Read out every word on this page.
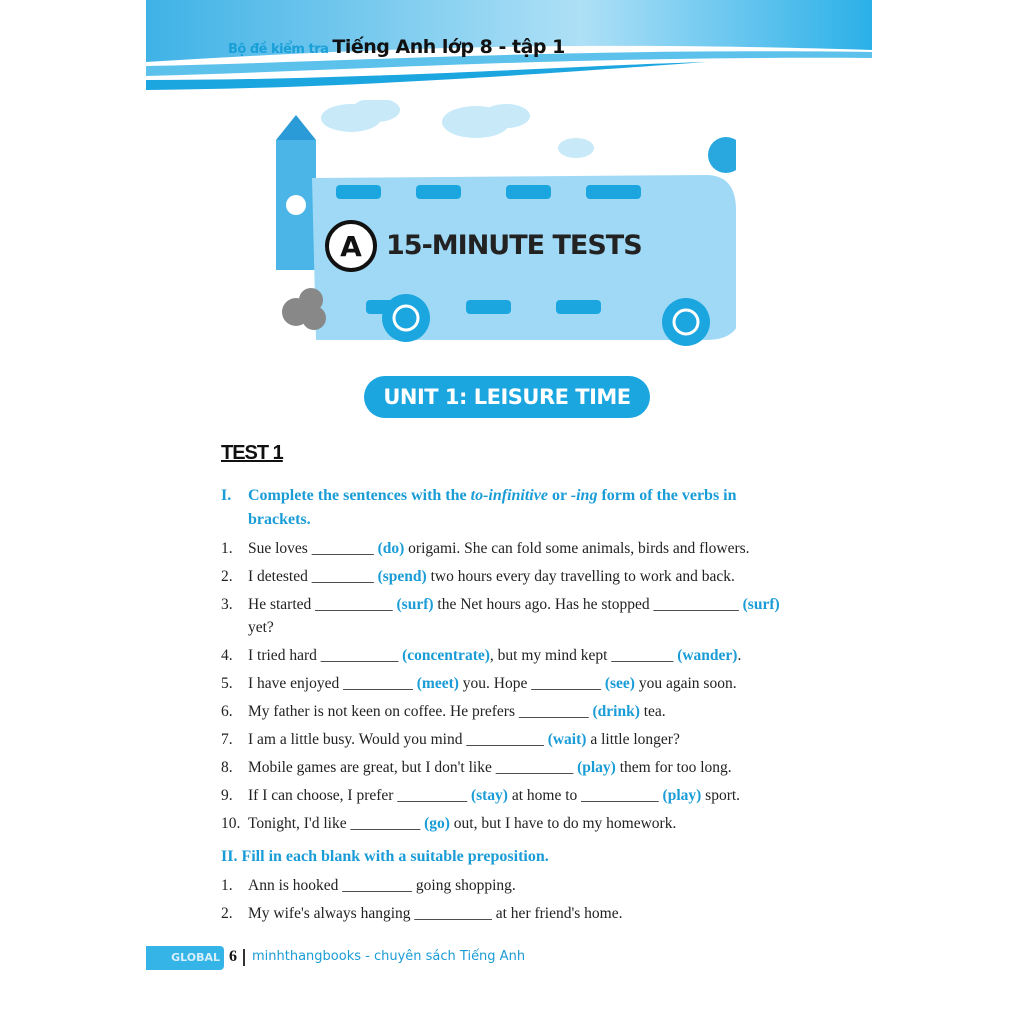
Bộ đề kiểm tra Tiếng Anh lớp 8 - tập 1
A 15-MINUTE TESTS
UNIT 1: LEISURE TIME
TEST 1
I. Complete the sentences with the to-infinitive or -ing form of the verbs in brackets.
1. Sue loves ________ (do) origami. She can fold some animals, birds and flowers.
2. I detested ________ (spend) two hours every day travelling to work and back.
3. He started __________ (surf) the Net hours ago. Has he stopped ___________ (surf) yet?
4. I tried hard __________ (concentrate), but my mind kept ________ (wander).
5. I have enjoyed _________ (meet) you. Hope _________ (see) you again soon.
6. My father is not keen on coffee. He prefers _________ (drink) tea.
7. I am a little busy. Would you mind __________ (wait) a little longer?
8. Mobile games are great, but I don't like __________ (play) them for too long.
9. If I can choose, I prefer _________ (stay) at home to __________ (play) sport.
10. Tonight, I'd like _________ (go) out, but I have to do my homework.
II. Fill in each blank with a suitable preposition.
1. Ann is hooked _________ going shopping.
2. My wife's always hanging __________ at her friend's home.
GLOBAL 6 minhthangbooks - chuyên sách Tiếng Anh
